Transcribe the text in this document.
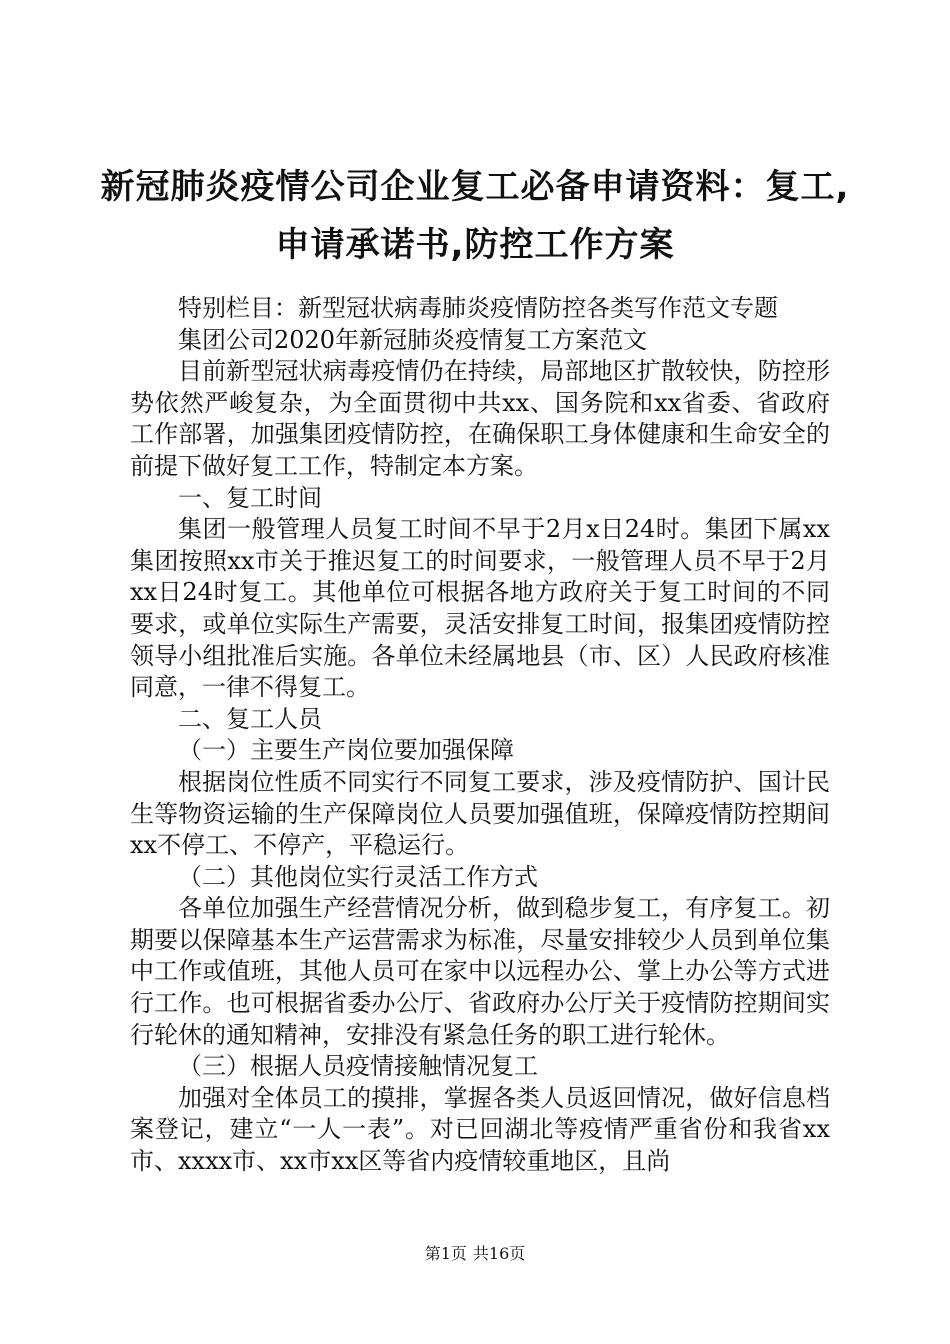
新冠肺炎疫情公司企业复工必备申请资料：复工,申请承诺书,防控工作方案

特别栏目：新型冠状病毒肺炎疫情防控各类写作范文专题

集团公司2020年新冠肺炎疫情复工方案范文

目前新型冠状病毒疫情仍在持续，局部地区扩散较快，防控形势依然严峻复杂，为全面贯彻中共xx、国务院和xx省委、省政府工作部署，加强集团疫情防控，在确保职工身体健康和生命安全的前提下做好复工工作，特制定本方案。

一、复工时间

集团一般管理人员复工时间不早于2月x日24时。集团下属xx集团按照xx市关于推迟复工的时间要求，一般管理人员不早于2月xx日24时复工。其他单位可根据各地方政府关于复工时间的不同要求，或单位实际生产需要，灵活安排复工时间，报集团疫情防控领导小组批准后实施。各单位未经属地县（市、区）人民政府核准同意，一律不得复工。

二、复工人员

（一）主要生产岗位要加强保障

根据岗位性质不同实行不同复工要求，涉及疫情防护、国计民生等物资运输的生产保障岗位人员要加强值班，保障疫情防控期间xx不停工、不停产，平稳运行。

（二）其他岗位实行灵活工作方式

各单位加强生产经营情况分析，做到稳步复工，有序复工。初期要以保障基本生产运营需求为标准，尽量安排较少人员到单位集中工作或值班，其他人员可在家中以远程办公、掌上办公等方式进行工作。也可根据省委办公厅、省政府办公厅关于疫情防控期间实行轮休的通知精神，安排没有紧急任务的职工进行轮休。

（三）根据人员疫情接触情况复工

加强对全体员工的摸排，掌握各类人员返回情况，做好信息档案登记，建立“一人一表”。对已回湖北等疫情严重省份和我省xx市、xxxx市、xx市xx区等省内疫情较重地区，且尚

第1页 共16页
